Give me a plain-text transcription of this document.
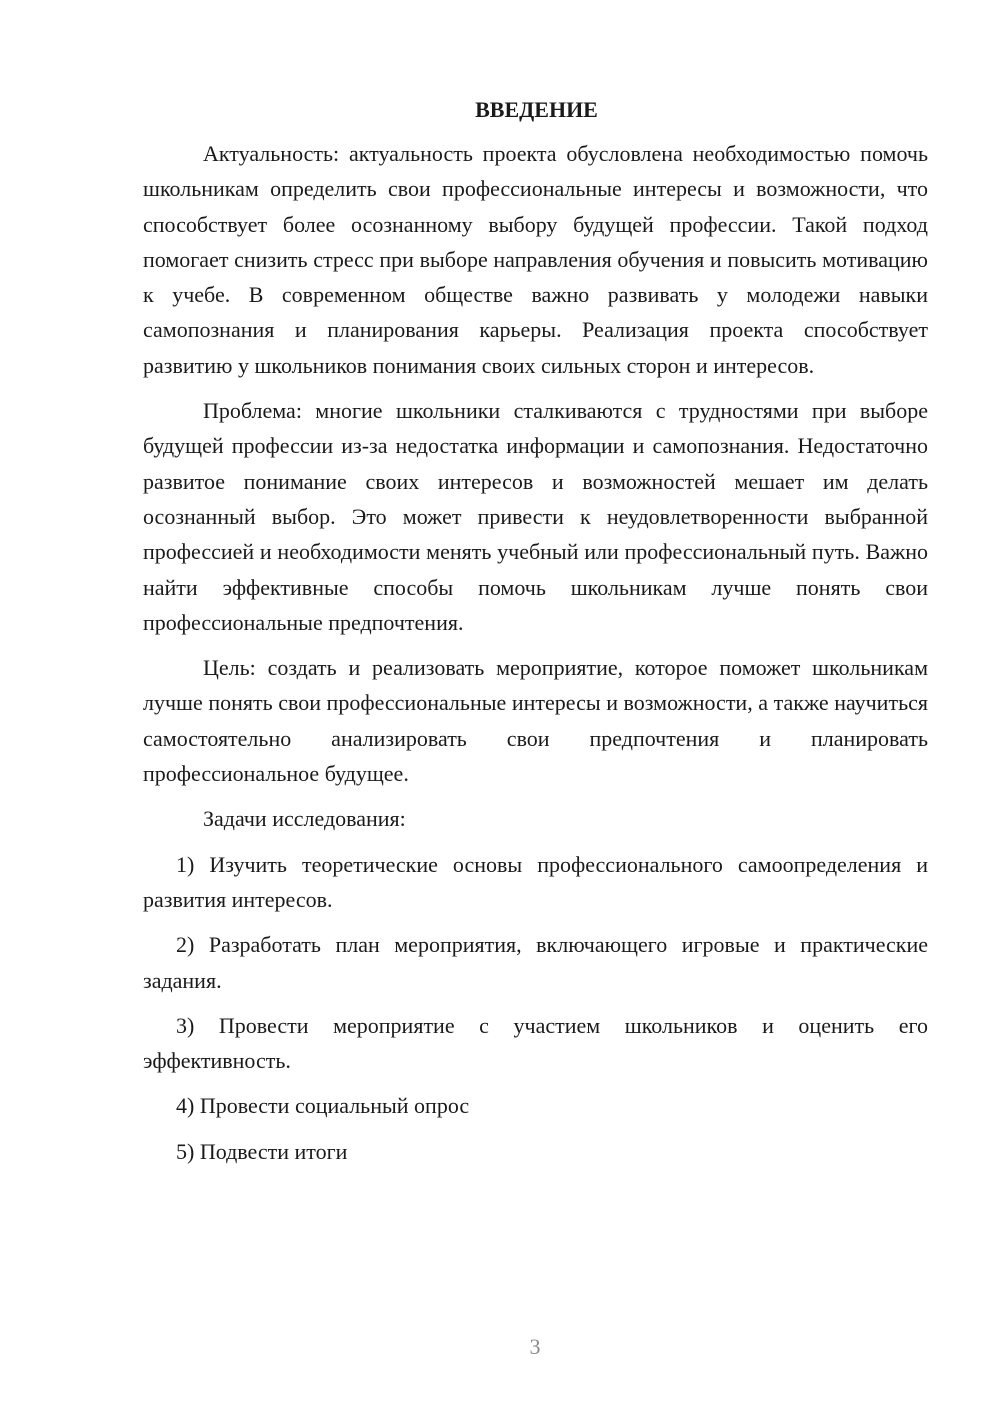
ВВЕДЕНИЕ

Актуальность: актуальность проекта обусловлена необходимостью помочь школьникам определить свои профессиональные интересы и возможности, что способствует более осознанному выбору будущей профессии. Такой подход помогает снизить стресс при выборе направления обучения и повысить мотивацию к учебе. В современном обществе важно развивать у молодежи навыки самопознания и планирования карьеры. Реализация проекта способствует развитию у школьников понимания своих сильных сторон и интересов.

Проблема: многие школьники сталкиваются с трудностями при выборе будущей профессии из-за недостатка информации и самопознания. Недостаточно развитое понимание своих интересов и возможностей мешает им делать осознанный выбор. Это может привести к неудовлетворенности выбранной профессией и необходимости менять учебный или профессиональный путь. Важно найти эффективные способы помочь школьникам лучше понять свои профессиональные предпочтения.

Цель: создать и реализовать мероприятие, которое поможет школьникам лучше понять свои профессиональные интересы и возможности, а также научиться самостоятельно анализировать свои предпочтения и планировать профессиональное будущее.

Задачи исследования:

1) Изучить теоретические основы профессионального самоопределения и развития интересов.

2) Разработать план мероприятия, включающего игровые и практические задания.

3) Провести мероприятие с участием школьников и оценить его эффективность.

4) Провести социальный опрос

5) Подвести итоги

3
